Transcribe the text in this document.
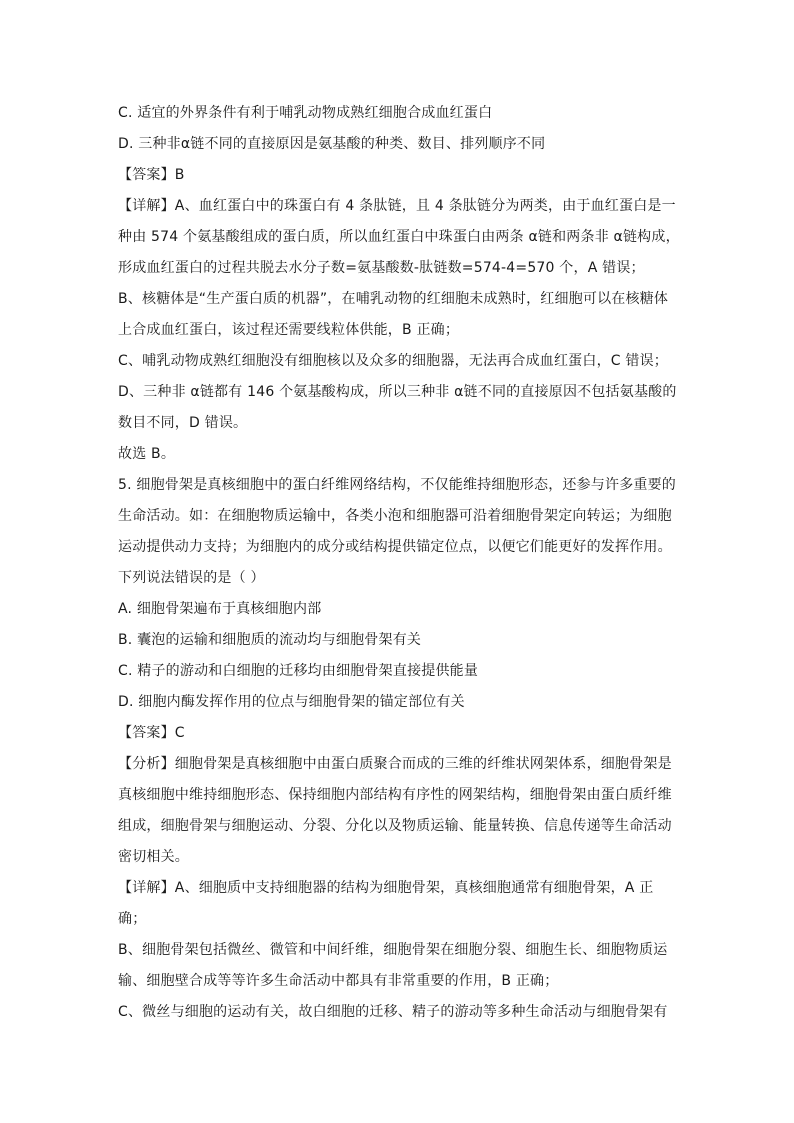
C. 适宜的外界条件有利于哺乳动物成熟红细胞合成血红蛋白
D. 三种非α链不同的直接原因是氨基酸的种类、数目、排列顺序不同
【答案】B
【详解】A、血红蛋白中的珠蛋白有 4 条肽链，且 4 条肽链分为两类，由于血红蛋白是一
种由 574 个氨基酸组成的蛋白质，所以血红蛋白中珠蛋白由两条 α链和两条非 α链构成，
形成血红蛋白的过程共脱去水分子数=氨基酸数-肽链数=574-4=570 个，A 错误；
B、核糖体是“生产蛋白质的机器”，在哺乳动物的红细胞未成熟时，红细胞可以在核糖体
上合成血红蛋白，该过程还需要线粒体供能，B 正确；
C、哺乳动物成熟红细胞没有细胞核以及众多的细胞器，无法再合成血红蛋白，C 错误；
D、三种非 α链都有 146 个氨基酸构成，所以三种非 α链不同的直接原因不包括氨基酸的
数目不同，D 错误。
故选 B。
5. 细胞骨架是真核细胞中的蛋白纤维网络结构，不仅能维持细胞形态，还参与许多重要的
生命活动。如：在细胞物质运输中，各类小泡和细胞器可沿着细胞骨架定向转运；为细胞
运动提供动力支持；为细胞内的成分或结构提供锚定位点，以便它们能更好的发挥作用。
下列说法错误的是（ ）
A. 细胞骨架遍布于真核细胞内部
B. 囊泡的运输和细胞质的流动均与细胞骨架有关
C. 精子的游动和白细胞的迁移均由细胞骨架直接提供能量
D. 细胞内酶发挥作用的位点与细胞骨架的锚定部位有关
【答案】C
【分析】细胞骨架是真核细胞中由蛋白质聚合而成的三维的纤维状网架体系，细胞骨架是
真核细胞中维持细胞形态、保持细胞内部结构有序性的网架结构，细胞骨架由蛋白质纤维
组成，细胞骨架与细胞运动、分裂、分化以及物质运输、能量转换、信息传递等生命活动
密切相关。
【详解】A、细胞质中支持细胞器的结构为细胞骨架，真核细胞通常有细胞骨架，A 正
确；
B、细胞骨架包括微丝、微管和中间纤维，细胞骨架在细胞分裂、细胞生长、细胞物质运
输、细胞壁合成等等许多生命活动中都具有非常重要的作用，B 正确；
C、微丝与细胞的运动有关，故白细胞的迁移、精子的游动等多种生命活动与细胞骨架有
